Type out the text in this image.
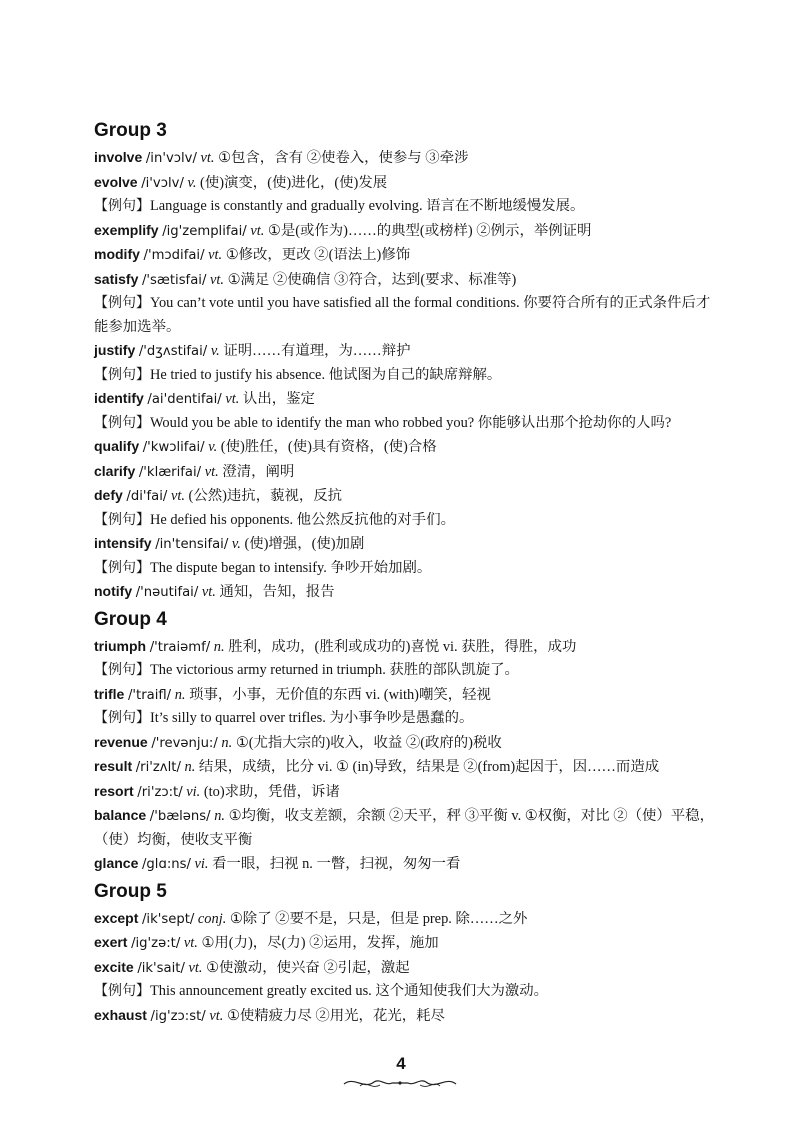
Group 3
involve /in'vɔlv/ vt. ①包含，含有 ②使卷入，使参与 ③牵涉
evolve /i'vɔlv/ v. (使)演变，(使)进化，(使)发展
【例句】Language is constantly and gradually evolving. 语言在不断地缓慢发展。
exemplify /ig'zemplifai/ vt. ①是(或作为)……的典型(或榜样) ②例示，举例证明
modify /'mɔdifai/ vt. ①修改，更改 ②(语法上)修饰
satisfy /'sætisfai/ vt. ①满足 ②使确信 ③符合，达到(要求、标准等)
【例句】You can’t vote until you have satisfied all the formal conditions. 你要符合所有的正式条件后才能参加选举。
justify /'dʒʌstifai/ v. 证明……有道理，为……辩护
【例句】He tried to justify his absence. 他试图为自己的缺席辩解。
identify /ai'dentifai/ vt. 认出，鉴定
【例句】Would you be able to identify the man who robbed you? 你能够认出那个抢劫你的人吗?
qualify /'kwɔlifai/ v. (使)胜任，(使)具有资格，(使)合格
clarify /'klærifai/ vt. 澄清，阐明
defy /di'fai/ vt. (公然)违抗，藐视，反抗
【例句】He defied his opponents. 他公然反抗他的对手们。
intensify /in'tensifai/ v. (使)增强，(使)加剧
【例句】The dispute began to intensify. 争吵开始加剧。
notify /'nəutifai/ vt. 通知，告知，报告
Group 4
triumph /'traiəmf/ n. 胜利，成功，(胜利或成功的)喜悦 vi. 获胜，得胜，成功
【例句】The victorious army returned in triumph. 获胜的部队凯旋了。
trifle /'traifl/ n. 琐事，小事，无价值的东西 vi. (with)嘲笑，轻视
【例句】It’s silly to quarrel over trifles. 为小事争吵是愚蠢的。
revenue /'revənju:/ n. ①(尤指大宗的)收入，收益 ②(政府的)税收
result /ri'zʌlt/ n. 结果，成绩，比分 vi. ① (in)导致，结果是 ②(from)起因于，因……而造成
resort /ri'zɔ:t/ vi. (to)求助，凭借，诉诸
balance /'bæləns/ n. ①均衡，收支差额，余额 ②天平，秤 ③平衡 v. ①权衡，对比 ②（使）平稳，（使）均衡，使收支平衡
glance /glɑ:ns/ vi. 看一眼，扫视 n. 一瞥，扫视，匆匆一看
Group 5
except /ik'sept/ conj. ①除了 ②要不是，只是，但是 prep. 除……之外
exert /ig'zə:t/ vt. ①用(力)，尽(力) ②运用，发挥，施加
excite /ik'sait/ vt. ①使激动，使兴奋 ②引起，激起
【例句】This announcement greatly excited us. 这个通知使我们大为激动。
exhaust /ig'zɔ:st/ vt. ①使精疲力尽 ②用光，花光，耗尽
4
